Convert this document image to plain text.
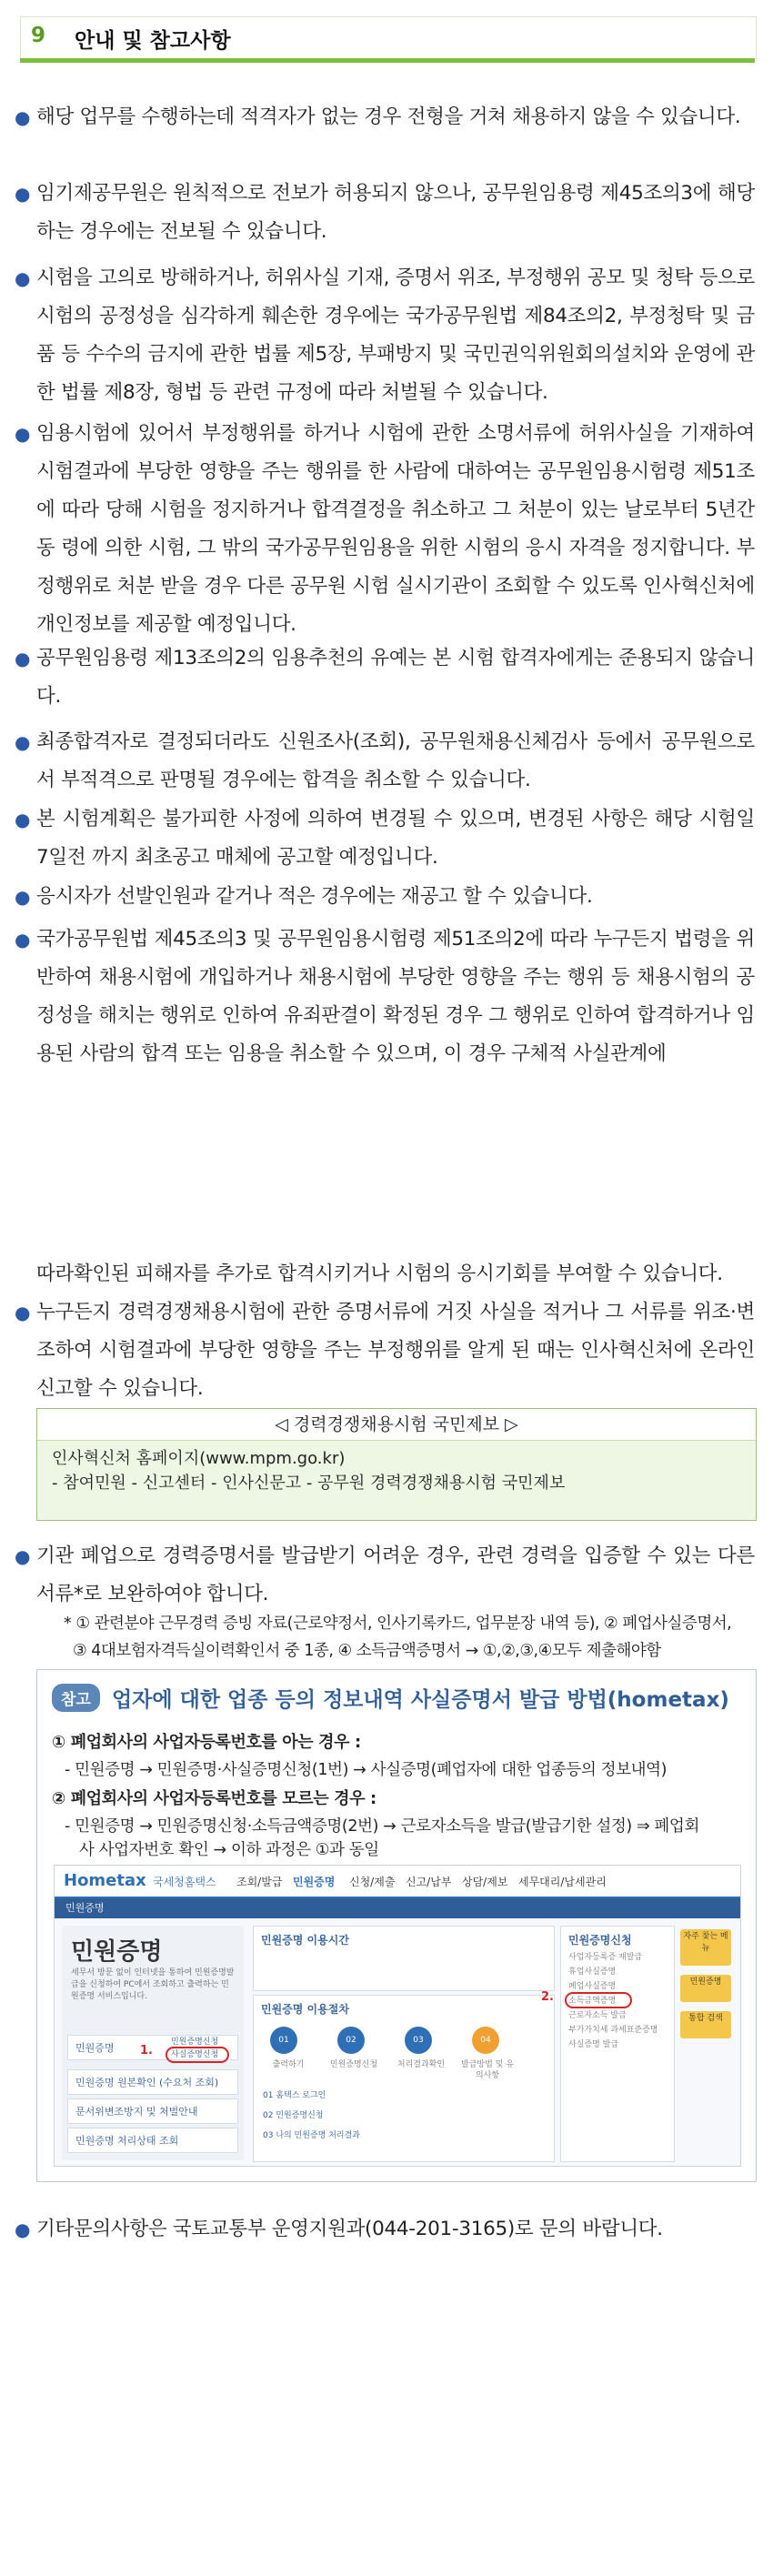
9 안내 및 참고사항
● 해당 업무를 수행하는데 적격자가 없는 경우 전형을 거쳐 채용하지 않을 수 있습니다.
● 임기제공무원은 원칙적으로 전보가 허용되지 않으나, 공무원임용령 제45조의3에 해당하는 경우에는 전보될 수 있습니다.
● 시험을 고의로 방해하거나, 허위사실 기재, 증명서 위조, 부정행위 공모 및 청탁 등으로 시험의 공정성을 심각하게 훼손한 경우에는 국가공무원법 제84조의2, 부정청탁 및 금품 등 수수의 금지에 관한 법률 제5장, 부패방지 및 국민권익위원회의설치와 운영에 관한 법률 제8장, 형법 등 관련 규정에 따라 처벌될 수 있습니다.
● 임용시험에 있어서 부정행위를 하거나 시험에 관한 소명서류에 허위사실을 기재하여 시험결과에 부당한 영향을 주는 행위를 한 사람에 대하여는 공무원임용시험령 제51조에 따라 당해 시험을 정지하거나 합격결정을 취소하고 그 처분이 있는 날로부터 5년간 동 령에 의한 시험, 그 밖의 국가공무원임용을 위한 시험의 응시 자격을 정지합니다. 부정행위로 처분 받을 경우 다른 공무원 시험 실시기관이 조회할 수 있도록 인사혁신처에 개인정보를 제공할 예정입니다.
● 공무원임용령 제13조의2의 임용추천의 유예는 본 시험 합격자에게는 준용되지 않습니다.
● 최종합격자로 결정되더라도 신원조사(조회), 공무원채용신체검사 등에서 공무원으로서 부적격으로 판명될 경우에는 합격을 취소할 수 있습니다.
● 본 시험계획은 불가피한 사정에 의하여 변경될 수 있으며, 변경된 사항은 해당 시험일 7일전 까지 최초공고 매체에 공고할 예정입니다.
● 응시자가 선발인원과 같거나 적은 경우에는 재공고 할 수 있습니다.
● 국가공무원법 제45조의3 및 공무원임용시험령 제51조의2에 따라 누구든지 법령을 위반하여 채용시험에 개입하거나 채용시험에 부당한 영향을 주는 행위 등 채용시험의 공정성을 해치는 행위로 인하여 유죄판결이 확정된 경우 그 행위로 인하여 합격하거나 임용된 사람의 합격 또는 임용을 취소할 수 있으며, 이 경우 구체적 사실관계에
따라확인된 피해자를 추가로 합격시키거나 시험의 응시기회를 부여할 수 있습니다.
● 누구든지 경력경쟁채용시험에 관한 증명서류에 거짓 사실을 적거나 그 서류를 위조·변조하여 시험결과에 부당한 영향을 주는 부정행위를 알게 된 때는 인사혁신처에 온라인 신고할 수 있습니다.
◁ 경력경쟁채용시험 국민제보 ▷
인사혁신처 홈페이지(www.mpm.go.kr)
- 참여민원 - 신고센터 - 인사신문고 - 공무원 경력경쟁채용시험 국민제보
● 기관 폐업으로 경력증명서를 발급받기 어려운 경우, 관련 경력을 입증할 수 있는 다른 서류*로 보완하여야 합니다.
* ① 관련분야 근무경력 증빙 자료(근로약정서, 인사기록카드, 업무분장 내역 등), ② 폐업사실증명서,
③ 4대보험자격득실이력확인서 중 1종, ④ 소득금액증명서 → ①,②,③,④모두 제출해야함
참고 업자에 대한 업종 등의 정보내역 사실증명서 발급 방법(hometax)
① 폐업회사의 사업자등록번호를 아는 경우 :
- 민원증명 → 민원증명·사실증명신청(1번) → 사실증명(폐업자에 대한 업종등의 정보내역)
② 폐업회사의 사업자등록번호를 모르는 경우 :
- 민원증명 → 민원증명신청·소득금액증명(2번) → 근로자소득을 발급(발급기한 설정) ⇒ 폐업회
사 사업자번호 확인 → 이하 과정은 ①과 동일
Hometax 국세청홈택스 조회/발급 민원증명 신청/제출 신고/납부 상담/제보 세무대리/납세관리
민원증명
민원증명
세무서 방문 없이 인터넷을 통하여 민원증명발급을 신청하여 PC에서 조회하고 출력하는 민원증명 서비스입니다.
민원증명	민원증명신청
사실증명신청
1.
민원증명 원본확인 (수요처 조회)
문서위변조방지 및 처벌안내
민원증명 처리상태 조회
민원증명 이용시간
민원증명 이용절차
01	02	03	04
출력하기	민원증명신청	처리결과확인	발급방법 및 유의사항
01 홈택스 로그인
02 민원증명신청
03 나의 민원증명 처리결과
민원증명신청
사업자등록증 재발급
휴업사실증명
폐업사실증명
소득금액증명
근로자소득 발급
부가가치세 과세표준증명
사실증명 발급
2.
자주 찾는 메뉴
민원증명
통합 검색
● 기타문의사항은 국토교통부 운영지원과(044-201-3165)로 문의 바랍니다.
